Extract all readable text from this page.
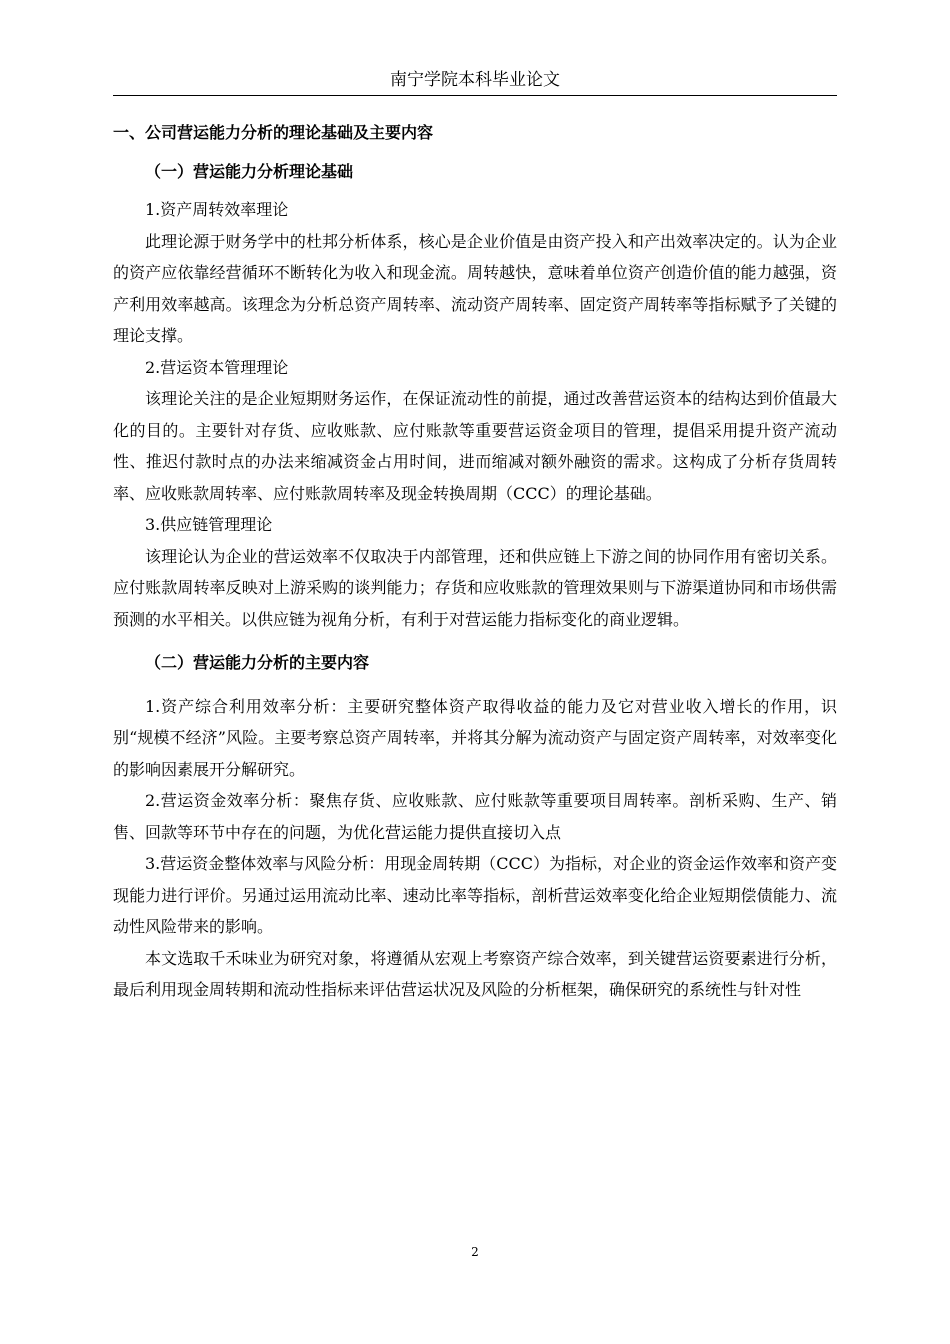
南宁学院本科毕业论文

一、公司营运能力分析的理论基础及主要内容

（一）营运能力分析理论基础

1.资产周转效率理论

此理论源于财务学中的杜邦分析体系，核心是企业价值是由资产投入和产出效率决定的。认为企业的资产应依靠经营循环不断转化为收入和现金流。周转越快，意味着单位资产创造价值的能力越强，资产利用效率越高。该理念为分析总资产周转率、流动资产周转率、固定资产周转率等指标赋予了关键的理论支撑。

2.营运资本管理理论

该理论关注的是企业短期财务运作，在保证流动性的前提，通过改善营运资本的结构达到价值最大化的目的。主要针对存货、应收账款、应付账款等重要营运资金项目的管理，提倡采用提升资产流动性、推迟付款时点的办法来缩减资金占用时间，进而缩减对额外融资的需求。这构成了分析存货周转率、应收账款周转率、应付账款周转率及现金转换周期（CCC）的理论基础。

3.供应链管理理论

该理论认为企业的营运效率不仅取决于内部管理，还和供应链上下游之间的协同作用有密切关系。应付账款周转率反映对上游采购的谈判能力；存货和应收账款的管理效果则与下游渠道协同和市场供需预测的水平相关。以供应链为视角分析，有利于对营运能力指标变化的商业逻辑。

（二）营运能力分析的主要内容

1.资产综合利用效率分析：主要研究整体资产取得收益的能力及它对营业收入增长的作用，识别“规模不经济”风险。主要考察总资产周转率，并将其分解为流动资产与固定资产周转率，对效率变化的影响因素展开分解研究。

2.营运资金效率分析：聚焦存货、应收账款、应付账款等重要项目周转率。剖析采购、生产、销售、回款等环节中存在的问题，为优化营运能力提供直接切入点

3.营运资金整体效率与风险分析：用现金周转期（CCC）为指标，对企业的资金运作效率和资产变现能力进行评价。另通过运用流动比率、速动比率等指标，剖析营运效率变化给企业短期偿债能力、流动性风险带来的影响。

本文选取千禾味业为研究对象，将遵循从宏观上考察资产综合效率，到关键营运资要素进行分析，最后利用现金周转期和流动性指标来评估营运状况及风险的分析框架，确保研究的系统性与针对性

2
